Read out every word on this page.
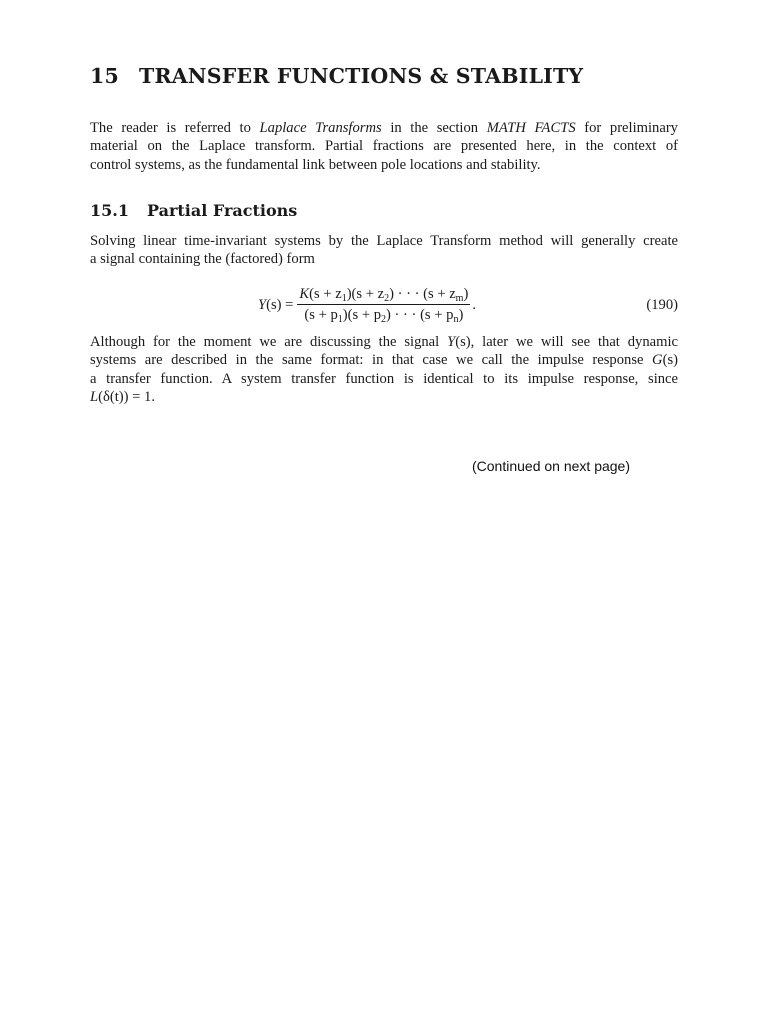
15 TRANSFER FUNCTIONS & STABILITY
The reader is referred to Laplace Transforms in the section MATH FACTS for preliminary
material on the Laplace transform. Partial fractions are presented here, in the context of
control systems, as the fundamental link between pole locations and stability.
15.1 Partial Fractions
Solving linear time-invariant systems by the Laplace Transform method will generally create
a signal containing the (factored) form
Y $(s) = \frac{K(s + z_1)(s + z_2) \cdot \cdot \cdot (s + z_m)}{(s + p_1)(s + p_2) \cdot \cdot \cdot (s + p_n)}$ .	(190)
Although for the moment we are discussing the signal Y(s), later we will see that dynamic
systems are described in the same format: in that case we call the impulse response G(s)
a transfer function. A system transfer function is identical to its impulse response, since
L(δ(t)) = 1.
(Continued on next page)
